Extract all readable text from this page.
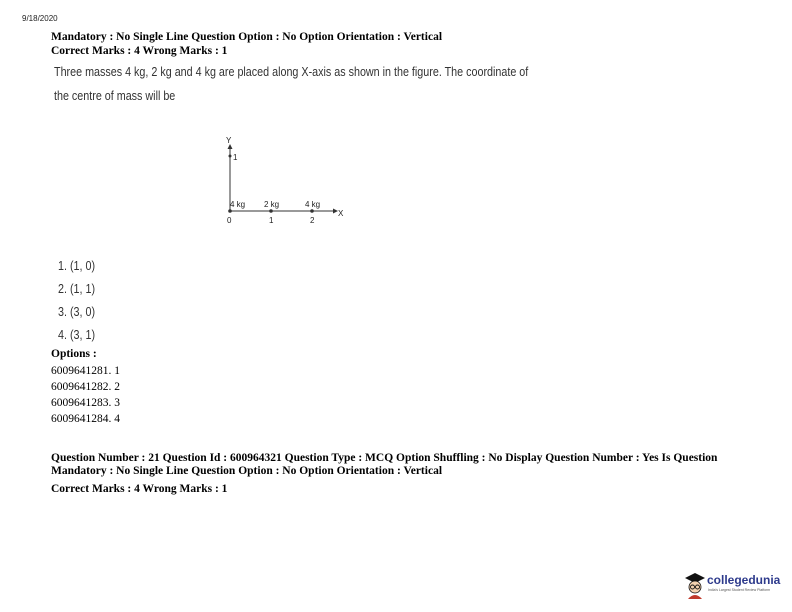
9/18/2020
Mandatory : No Single Line Question Option : No Option Orientation : Vertical
Correct Marks : 4 Wrong Marks : 1
Three masses 4 kg, 2 kg and 4 kg are placed along X-axis as shown in the figure. The coordinate of
the centre of mass will be
Y
1
4 kg 2 kg	4 kg
X
0	1	2
1. (1, 0)
2. (1, 1)
3. (3, 0)
4. (3, 1)
Options :
6009641281. 1
6009641282. 2
6009641283. 3
6009641284. 4
Question Number : 21 Question Id : 600964321 Question Type : MCQ Option Shuffling : No Display Question Number : Yes Is Question
Mandatory : No Single Line Question Option : No Option Orientation : Vertical
Correct Marks : 4 Wrong Marks : 1
collegedunia
India's Largest Student Review Platform
